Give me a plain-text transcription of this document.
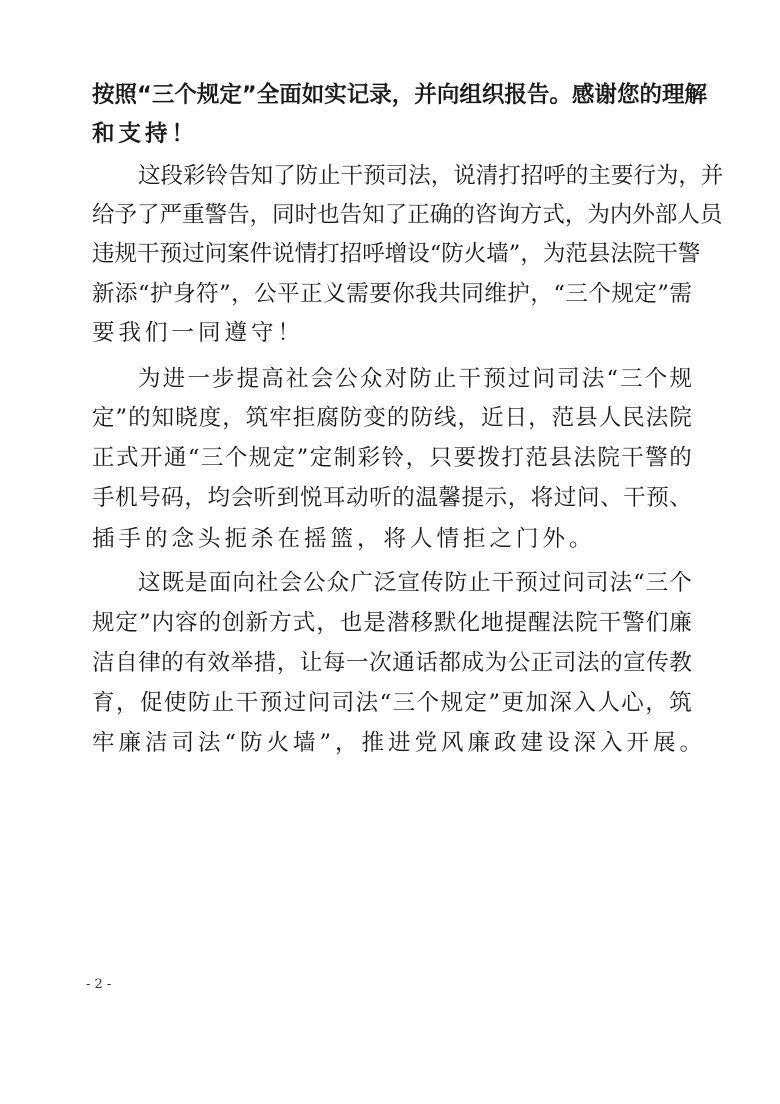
按 照 “ 三 个 规 定 ” 全 面 如 实 记 录 ， 并 向 组 织 报 告 。 感 谢 您 的 理 解
和支持！
这 段 彩 铃 告 知 了 防 止 干 预 司 法 ， 说 清 打 招 呼 的 主 要 行 为 ， 并
给 予 了 严 重 警 告 ， 同 时 也 告 知 了 正 确 的 咨 询 方 式 ， 为 内 外 部 人 员
违 规 干 预 过 问 案 件 说 情 打 招 呼 增 设 “ 防 火 墙 ” ， 为 范 县 法 院 干 警
新 添 “ 护 身 符 ” ， 公 平 正 义 需 要 你 我 共 同 维 护 ， “ 三 个 规 定 ” 需
要我们一同遵守！
为 进 一 步 提 高 社 会 公 众 对 防 止 干 预 过 问 司 法 “ 三 个 规
定 ” 的 知 晓 度 ， 筑 牢 拒 腐 防 变 的 防 线 ， 近 日 ， 范 县 人 民 法 院
正 式 开 通 “ 三 个 规 定 ” 定 制 彩 铃 ， 只 要 拨 打 范 县 法 院 干 警 的
手 机 号 码 ， 均 会 听 到 悦 耳 动 听 的 温 馨 提 示 ， 将 过 问 、 干 预 、
插手的念头扼杀在摇篮，将人情拒之门外。
这 既 是 面 向 社 会 公 众 广 泛 宣 传 防 止 干 预 过 问 司 法 “ 三 个
规 定 ” 内 容 的 创 新 方 式 ， 也 是 潜 移 默 化 地 提 醒 法 院 干 警 们 廉
洁 自 律 的 有 效 举 措 ， 让 每 一 次 通 话 都 成 为 公 正 司 法 的 宣 传 教
育 ， 促 使 防 止 干 预 过 问 司 法 “ 三 个 规 定 ” 更 加 深 入 人 心 ， 筑
牢廉洁司法“防火墙”，推进党风廉政建设深入开展。
- 2 -
